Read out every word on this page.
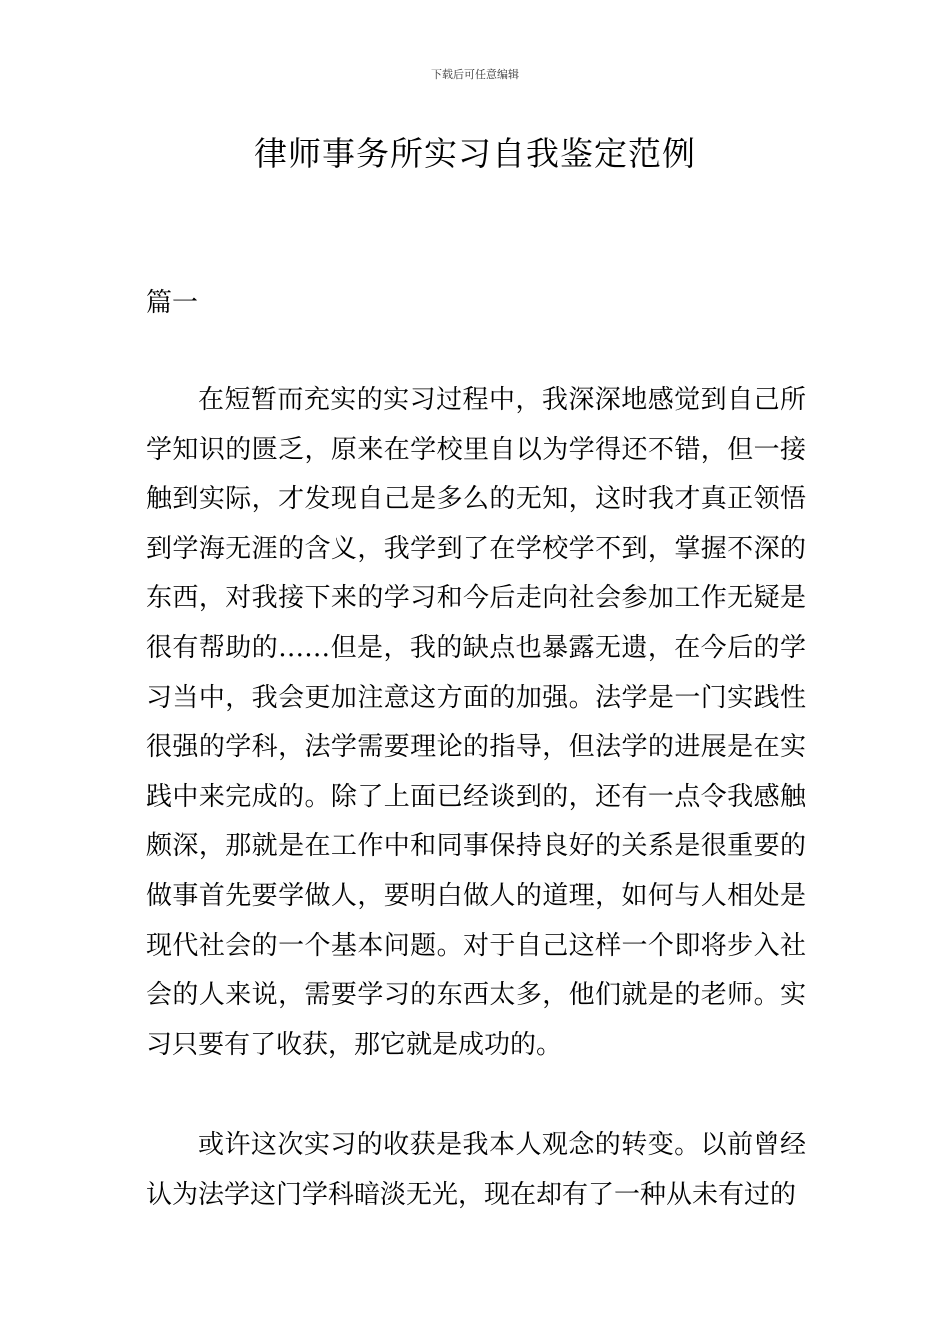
下载后可任意编辑
律师事务所实习自我鉴定范例
篇一

在短暂而充实的实习过程中，我深深地感觉到自己所学知识的匮乏，原来在学校里自以为学得还不错，但一接触到实际，才发现自己是多么的无知，这时我才真正领悟到学海无涯的含义，我学到了在学校学不到，掌握不深的东西，对我接下来的学习和今后走向社会参加工作无疑是很有帮助的……但是，我的缺点也暴露无遗，在今后的学习当中，我会更加注意这方面的加强。法学是一门实践性很强的学科，法学需要理论的指导，但法学的进展是在实践中来完成的。除了上面已经谈到的，还有一点令我感触颇深，那就是在工作中和同事保持良好的关系是很重要的做事首先要学做人，要明白做人的道理，如何与人相处是现代社会的一个基本问题。对于自己这样一个即将步入社会的人来说，需要学习的东西太多，他们就是的老师。实习只要有了收获，那它就是成功的。

或许这次实习的收获是我本人观念的转变。以前曾经认为法学这门学科暗淡无光，现在却有了一种从未有过的
